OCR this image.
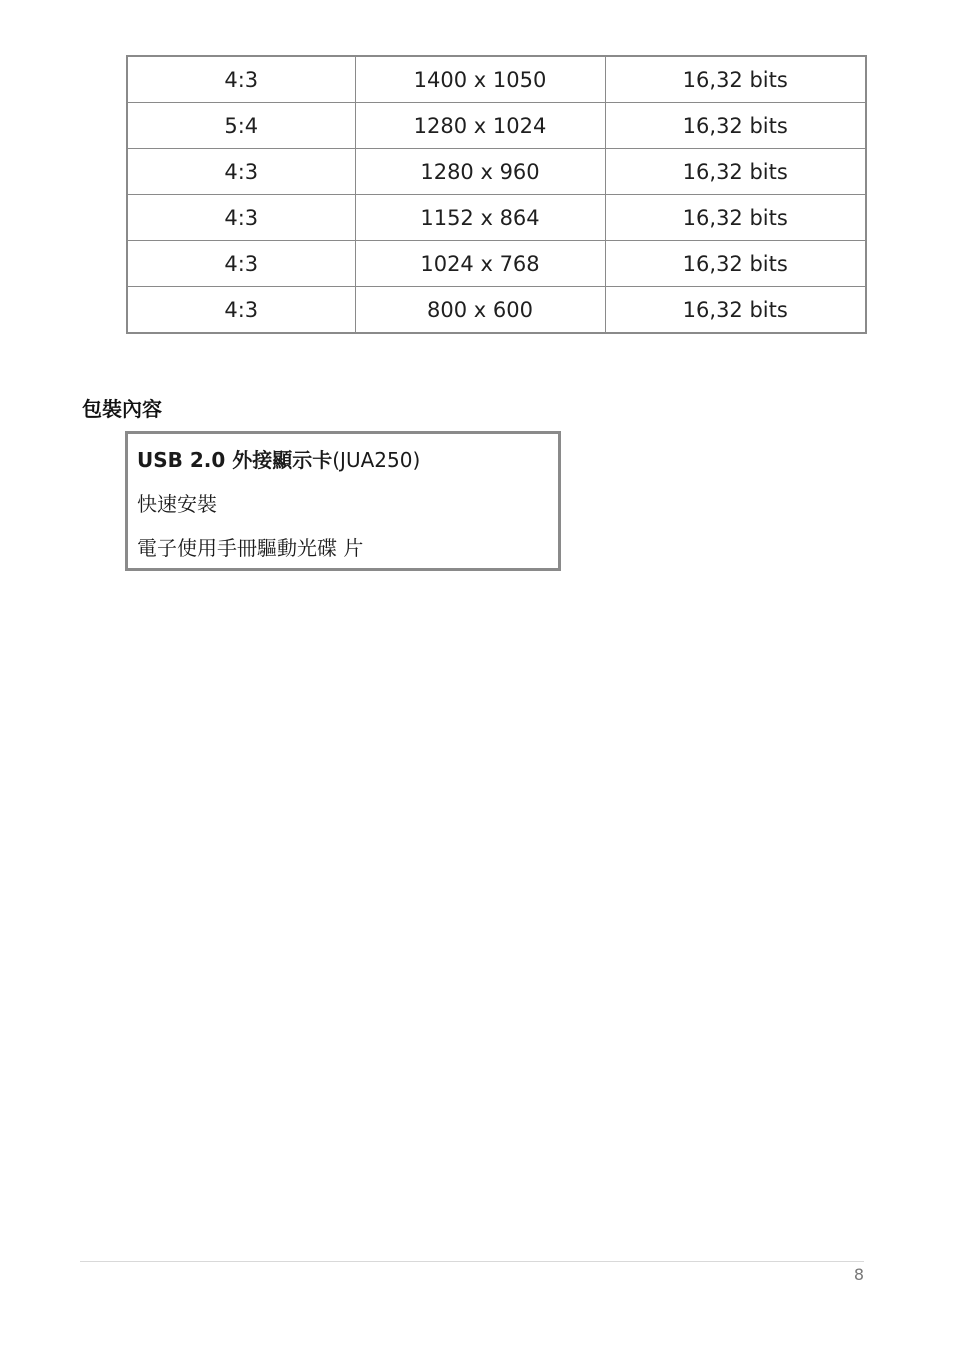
4:3	1400 x 1050	16,32 bits
5:4	1280 x 1024	16,32 bits
4:3	1280 x 960	16,32 bits
4:3	1152 x 864	16,32 bits
4:3	1024 x 768	16,32 bits
4:3	800 x 600	16,32 bits
包裝內容
USB 2.0 外接顯示卡(JUA250)
快速安裝
電子使用手冊驅動光碟 片
8
